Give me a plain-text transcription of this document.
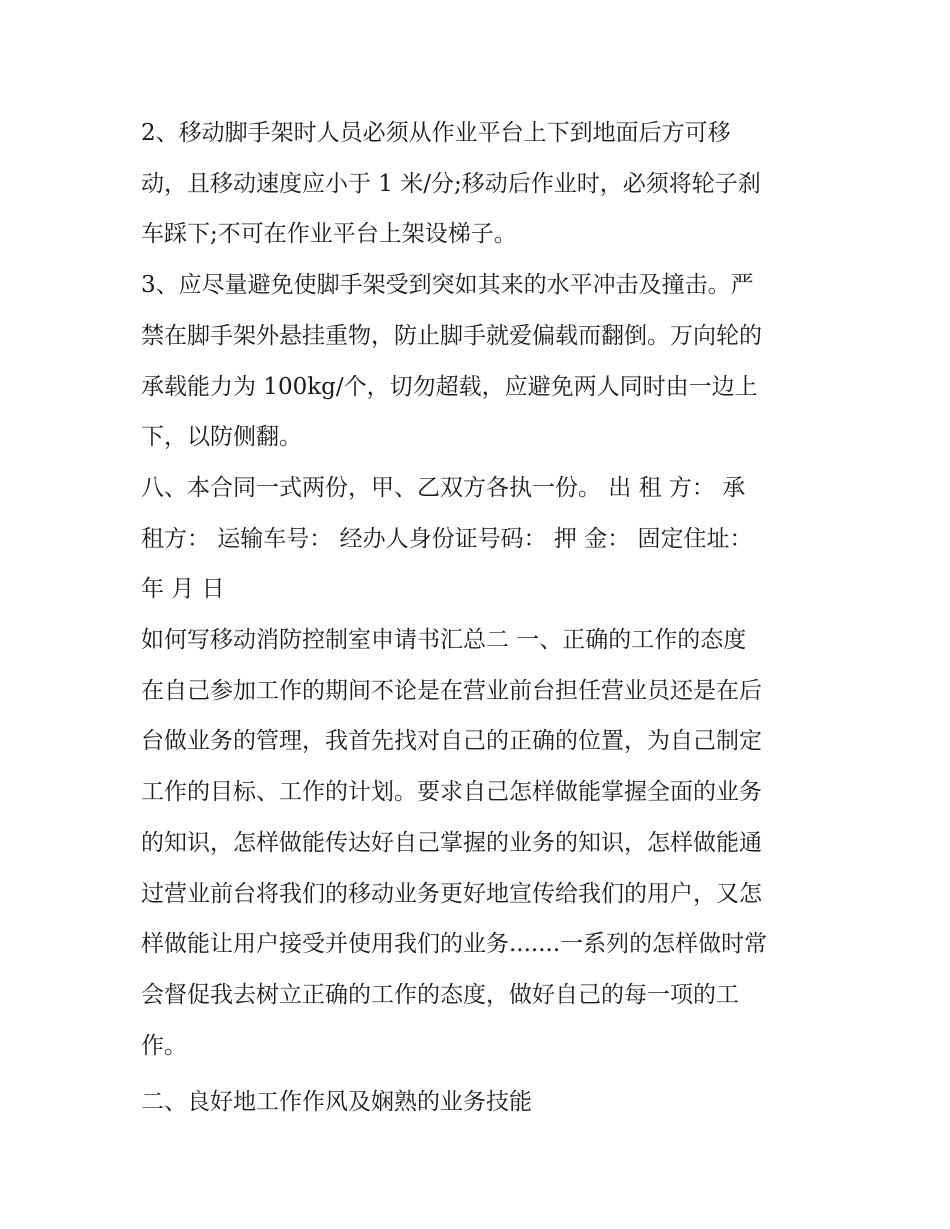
2、移动脚手架时人员必须从作业平台上下到地面后方可移
动，且移动速度应小于 1 米/分;移动后作业时，必须将轮子刹
车踩下;不可在作业平台上架设梯子。

3、应尽量避免使脚手架受到突如其来的水平冲击及撞击。严
禁在脚手架外悬挂重物，防止脚手就爱偏载而翻倒。万向轮的
承载能力为 100kg/个，切勿超载，应避免两人同时由一边上
下，以防侧翻。

八、本合同一式两份，甲、乙双方各执一份。 出 租 方： 承
租方： 运输车号： 经办人身份证号码： 押 金： 固定住址：
年 月 日

如何写移动消防控制室申请书汇总二 一、正确的工作的态度
在自己参加工作的期间不论是在营业前台担任营业员还是在后
台做业务的管理，我首先找对自己的正确的位置，为自己制定
工作的目标、工作的计划。要求自己怎样做能掌握全面的业务
的知识，怎样做能传达好自己掌握的业务的知识，怎样做能通
过营业前台将我们的移动业务更好地宣传给我们的用户，又怎
样做能让用户接受并使用我们的业务.......一系列的怎样做时常
会督促我去树立正确的工作的态度，做好自己的每一项的工
作。

二、良好地工作作风及娴熟的业务技能
